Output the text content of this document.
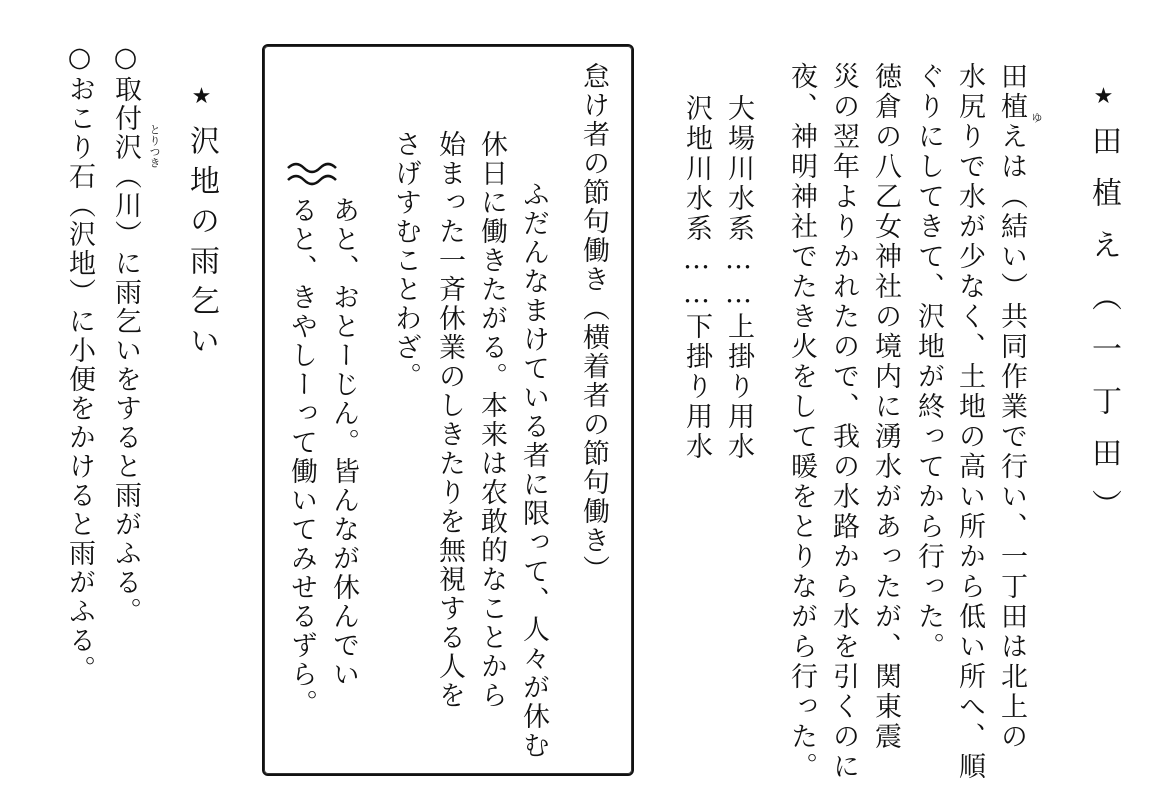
★田植え（一丁田）
田植えは（結い）共同作業で行い、一丁田は北上の ゆ
水尻りで水が少なく、土地の高い所から低い所へ、順
ぐりにしてきて、沢地が終ってから行った。
徳倉の八乙女神社の境内に湧水があったが、関東震
災の翌年よりかれたので、我の水路から水を引くのに
夜、神明神社でたき火をして暖をとりながら行った。
大場川水系……上掛り用水
沢地川水系……下掛り用水
怠け者の節句働き（横着者の節句働き）
ふだんなまけている者に限って、人々が休む
休日に働きたがる。本来は农敢的なことから
始まった一斉休業のしきたりを無視する人を
さげすむことわざ。
あと、おとーじん。皆んなが休んでい
ると、きやしーって働いてみせるずら。
★沢地の雨乞い
とりつき
○取付沢（川）に雨乞いをすると雨がふる。
○おこり石（沢地）に小便をかけると雨がふる。
